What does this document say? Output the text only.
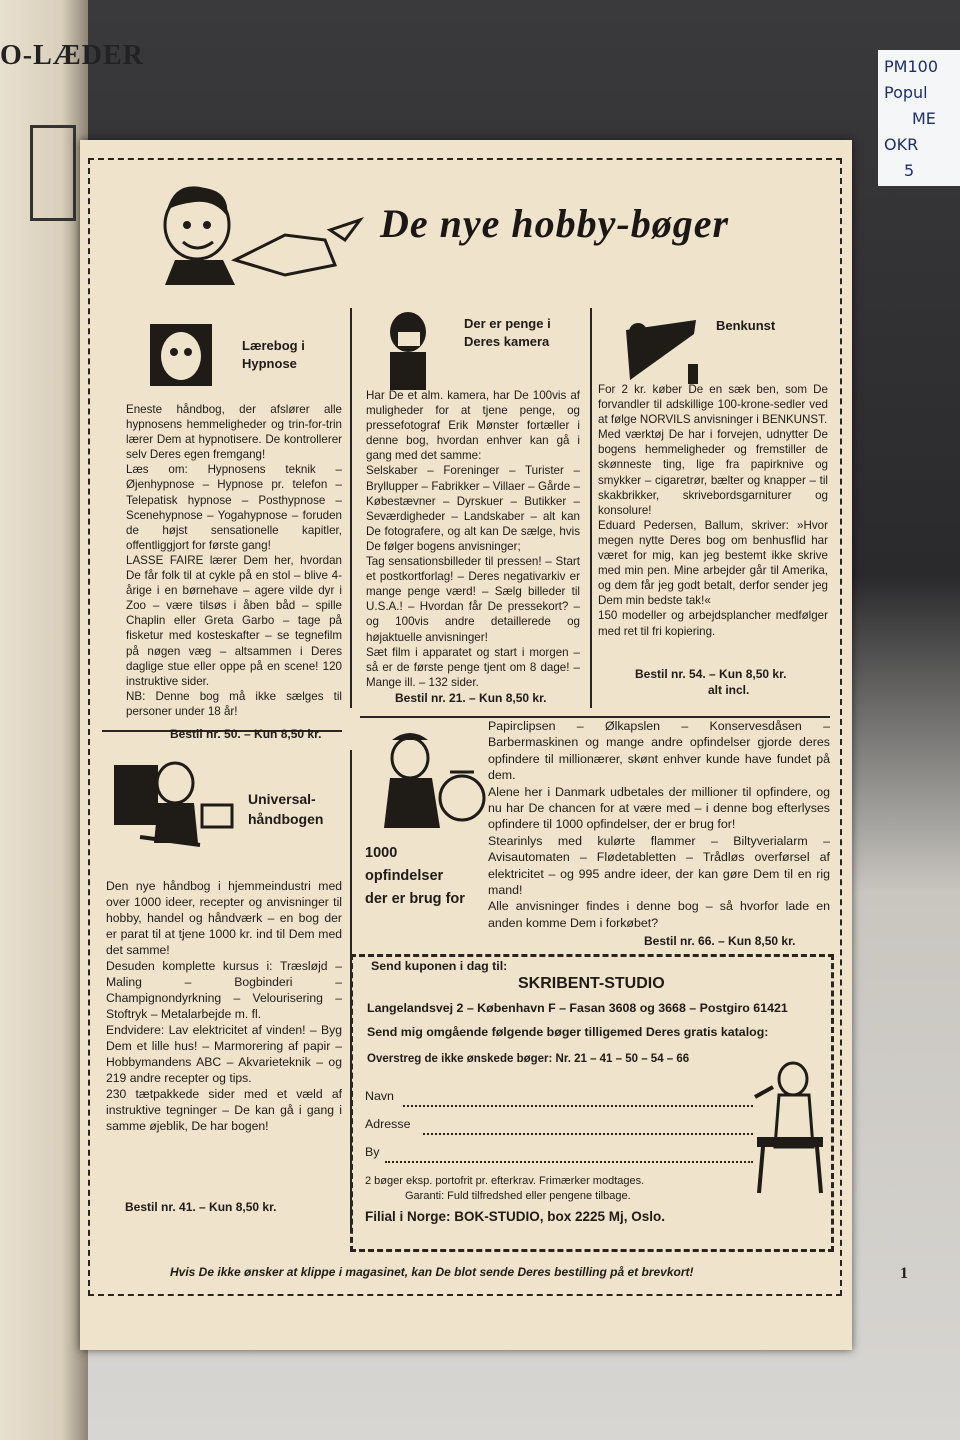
O-LÆDER	PM100
Popul
ME
OKR
5
De nye hobby-bøger
Lærebog i Hypnose
Eneste håndbog, der afslører alle hypnosens hemmeligheder og trin-for-trin lærer Dem at hypnotisere. De kontrollerer selv Deres egen fremgang!
Læs om: Hypnosens teknik – Øjenhypnose – Hypnose pr. telefon – Telepatisk hypnose – Posthypnose – Scenehypnose – Yogahypnose – foruden de højst sensationelle kapitler, offentliggjort for første gang!
LASSE FAIRE lærer Dem her, hvordan De får folk til at cykle på en stol – blive 4-årige i en børnehave – agere vilde dyr i Zoo – være tilsøs i åben båd – spille Chaplin eller Greta Garbo – tage på fisketur med kosteskafter – se tegnefilm på nøgen væg – altsammen i Deres daglige stue eller oppe på en scene! 120 instruktive sider.
NB: Denne bog må ikke sælges til personer under 18 år!
Bestil nr. 50. – Kun 8,50 kr.
Der er penge i Deres kamera
Har De et alm. kamera, har De 100vis af muligheder for at tjene penge, og pressefotograf Erik Mønster fortæller i denne bog, hvordan enhver kan gå i gang med det samme:
Selskaber – Foreninger – Turister – Bryllupper – Fabrikker – Villaer – Gårde – Købestævner – Dyrskuer – Butikker – Seværdigheder – Landskaber – alt kan De fotografere, og alt kan De sælge, hvis De følger bogens anvisninger;
Tag sensationsbilleder til pressen! – Start et postkortforlag! – Deres negativarkiv er mange penge værd! – Sælg billeder til U.S.A.! – Hvordan får De pressekort? – og 100vis andre detaillerede og højaktuelle anvisninger!
Sæt film i apparatet og start i morgen – så er de første penge tjent om 8 dage! – Mange ill. – 132 sider.
Bestil nr. 21. – Kun 8,50 kr.
Benkunst
For 2 kr. køber De en sæk ben, som De forvandler til adskillige 100-krone-sedler ved at følge NORVILS anvisninger i BENKUNST.
Med værktøj De har i forvejen, udnytter De bogens hemmeligheder og fremstiller de skønneste ting, lige fra papirknive og smykker – cigaretrør, bælter og knapper – til skakbrikker, skrivebordsgarniturer og konsolure!
Eduard Pedersen, Ballum, skriver: »Hvor megen nytte Deres bog om benhusflid har været for mig, kan jeg bestemt ikke skrive med min pen. Mine arbejder går til Amerika, og dem får jeg godt betalt, derfor sender jeg Dem min bedste tak!«
150 modeller og arbejdsplancher medfølger med ret til fri kopiering.
Bestil nr. 54. – Kun 8,50 kr.
alt incl.
Universal-
håndbogen
Den nye håndbog i hjemmeindustri med over 1000 ideer, recepter og anvisninger til hobby, handel og håndværk – en bog der er parat til at tjene 1000 kr. ind til Dem med det samme!
Desuden komplette kursus i: Træsløjd – Maling – Bogbinderi – Champignondyrkning – Velourisering – Stoftryk – Metalarbejde m. fl.
Endvidere: Lav elektricitet af vinden! – Byg Dem et lille hus! – Marmorering af papir – Hobbymandens ABC – Akvarieteknik – og 219 andre recepter og tips.
230 tætpakkede sider med et væld af instruktive tegninger – De kan gå i gang i samme øjeblik, De har bogen!
Bestil nr. 41. – Kun 8,50 kr.
1000 opfindelser der er brug for
Papirclipsen – Ølkapslen – Konservesdåsen – Barbermaskinen og mange andre opfindelser gjorde deres opfindere til millionærer, skønt enhver kunde have fundet på dem.
Alene her i Danmark udbetales der millioner til opfindere, og nu har De chancen for at være med – i denne bog efterlyses opfindere til 1000 opfindelser, der er brug for!
Stearinlys med kulørte flammer – Biltyverialarm – Avisautomaten – Flødetabletten – Trådløs overførsel af elektricitet – og 995 andre ideer, der kan gøre Dem til en rig mand!
Alle anvisninger findes i denne bog – så hvorfor lade en anden komme Dem i forkøbet?
Bestil nr. 66. – Kun 8,50 kr.
Send kuponen i dag til:
SKRIBENT-STUDIO
Langelandsvej 2 – København F – Fasan 3608 og 3668 – Postgiro 61421
Send mig omgående følgende bøger tilligemed Deres gratis katalog:
Overstreg de ikke ønskede bøger: Nr. 21 – 41 – 50 – 54 – 66
Navn
Adresse
By
2 bøger eksp. portofrit pr. efterkrav. Frimærker modtages.
Garanti: Fuld tilfredshed eller pengene tilbage.
Filial i Norge: BOK-STUDIO, box 2225 Mj, Oslo.
Hvis De ikke ønsker at klippe i magasinet, kan De blot sende Deres bestilling på et brevkort!	1
